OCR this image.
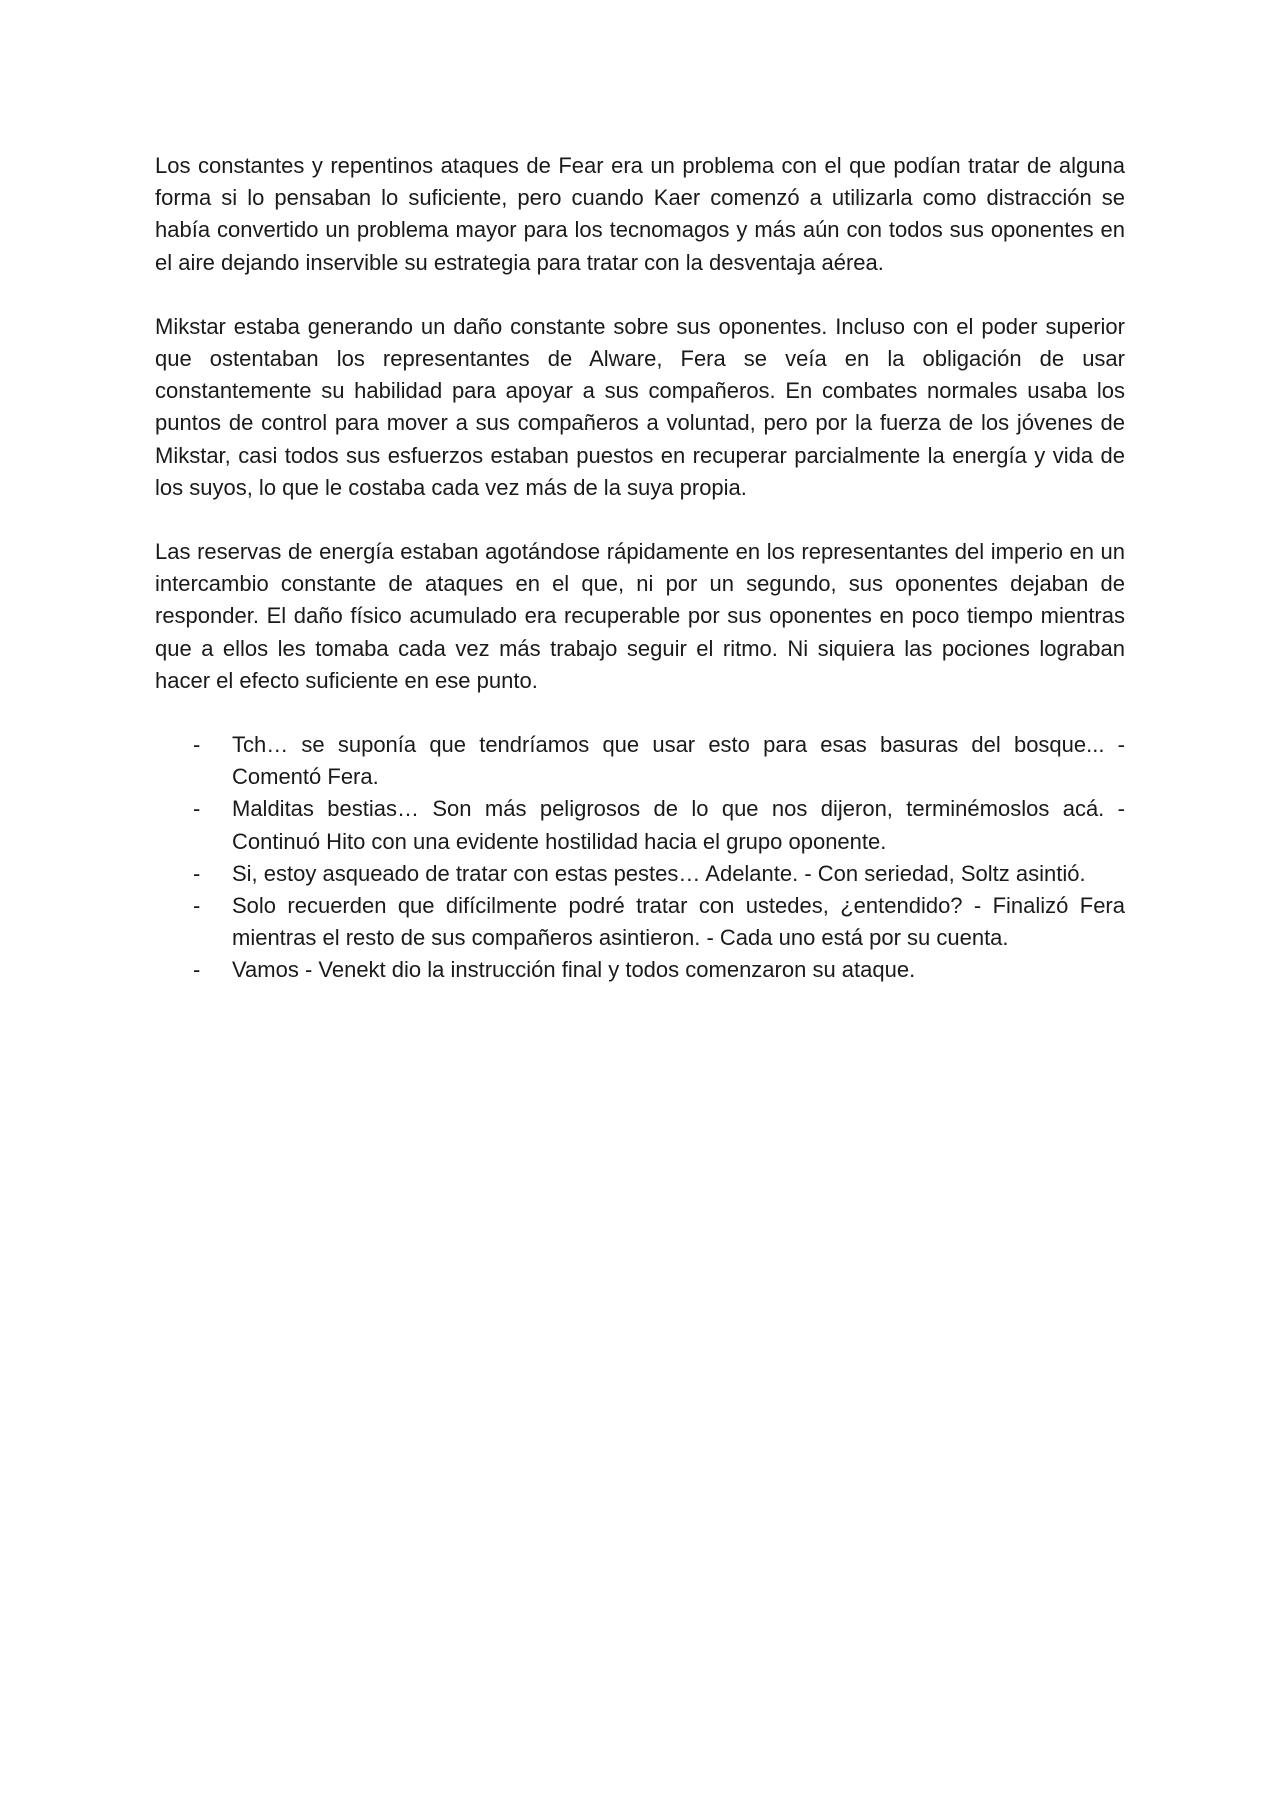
Los constantes y repentinos ataques de Fear era un problema con el que podían tratar de alguna forma si lo pensaban lo suficiente, pero cuando Kaer comenzó a utilizarla como distracción se había convertido un problema mayor para los tecnomagos y más aún con todos sus oponentes en el aire dejando inservible su estrategia para tratar con la desventaja aérea.

Mikstar estaba generando un daño constante sobre sus oponentes. Incluso con el poder superior que ostentaban los representantes de Alware, Fera se veía en la obligación de usar constantemente su habilidad para apoyar a sus compañeros. En combates normales usaba los puntos de control para mover a sus compañeros a voluntad, pero por la fuerza de los jóvenes de Mikstar, casi todos sus esfuerzos estaban puestos en recuperar parcialmente la energía y vida de los suyos, lo que le costaba cada vez más de la suya propia.

Las reservas de energía estaban agotándose rápidamente en los representantes del imperio en un intercambio constante de ataques en el que, ni por un segundo, sus oponentes dejaban de responder. El daño físico acumulado era recuperable por sus oponentes en poco tiempo mientras que a ellos les tomaba cada vez más trabajo seguir el ritmo. Ni siquiera las pociones lograban hacer el efecto suficiente en ese punto.

- Tch… se suponía que tendríamos que usar esto para esas basuras del bosque... - Comentó Fera.
- Malditas bestias… Son más peligrosos de lo que nos dijeron, terminémoslos acá. - Continuó Hito con una evidente hostilidad hacia el grupo oponente.
- Si, estoy asqueado de tratar con estas pestes… Adelante. - Con seriedad, Soltz asintió.
- Solo recuerden que difícilmente podré tratar con ustedes, ¿entendido? - Finalizó Fera mientras el resto de sus compañeros asintieron. - Cada uno está por su cuenta.
- Vamos - Venekt dio la instrucción final y todos comenzaron su ataque.
